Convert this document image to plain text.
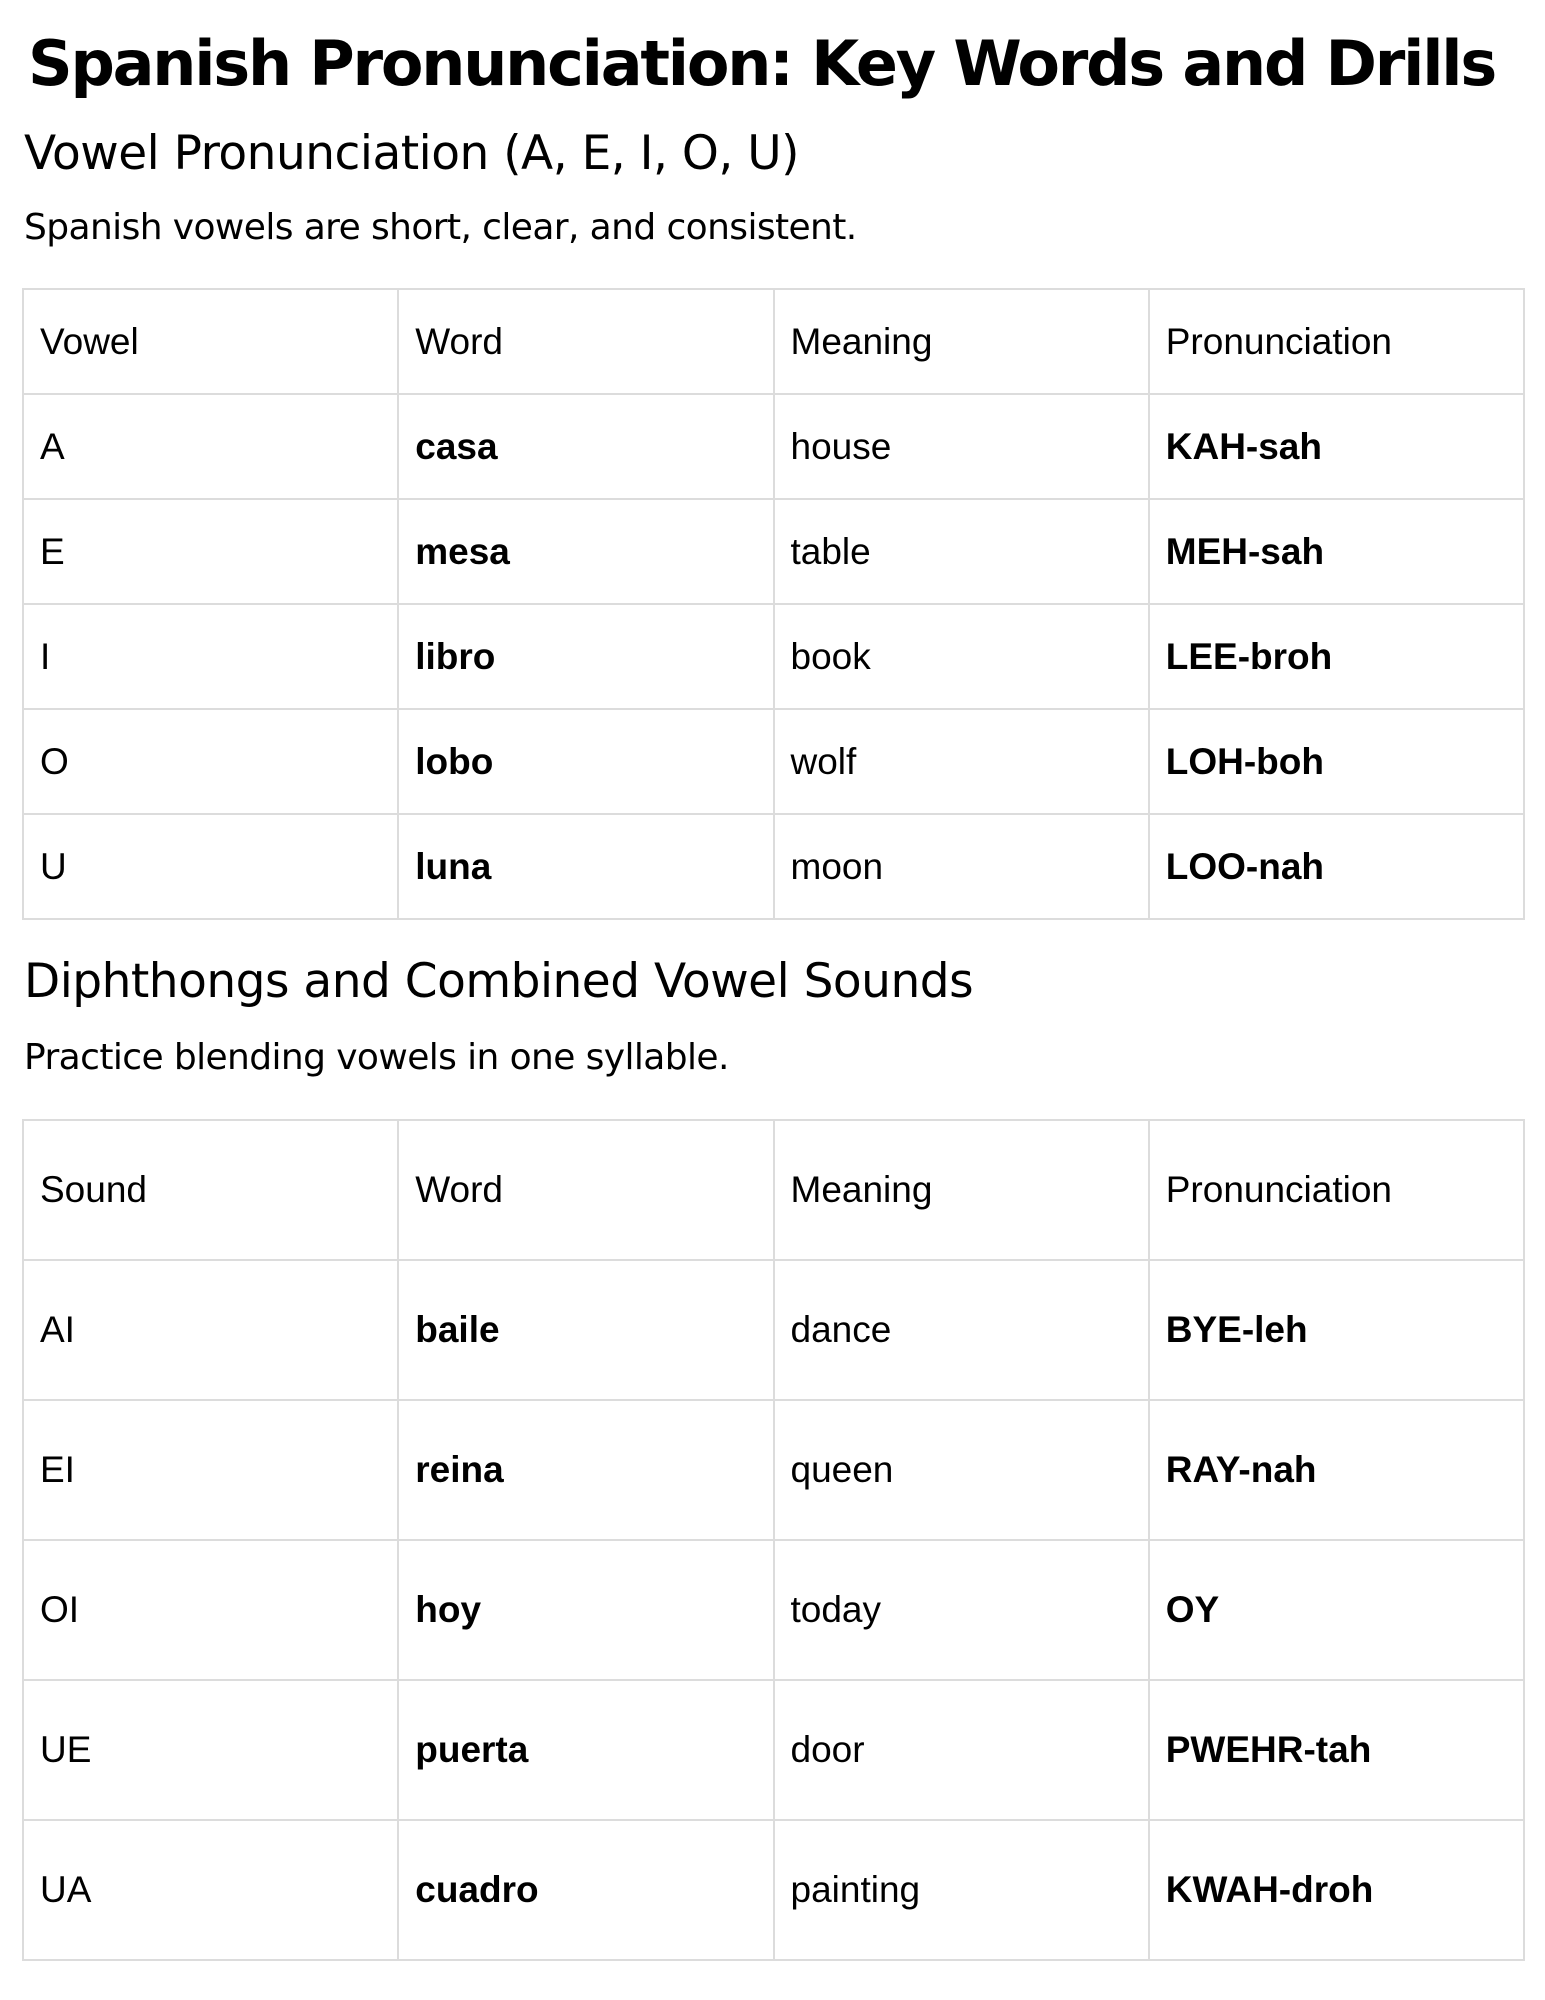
Spanish Pronunciation: Key Words and Drills
Vowel Pronunciation (A, E, I, O, U)

Spanish vowels are short, clear, and consistent.

Vowel	Word	Meaning	Pronunciation
A	casa	house	KAH-sah
E	mesa	table	MEH-sah
I	libro	book	LEE-broh
O	lobo	wolf	LOH-boh
U	luna	moon	LOO-nah
Diphthongs and Combined Vowel Sounds

Practice blending vowels in one syllable.

Sound	Word	Meaning	Pronunciation
AI	baile	dance	BYE-leh
EI	reina	queen	RAY-nah
OI	hoy	today	OY
UE	puerta	door	PWEHR-tah
UA	cuadro	painting	KWAH-droh
